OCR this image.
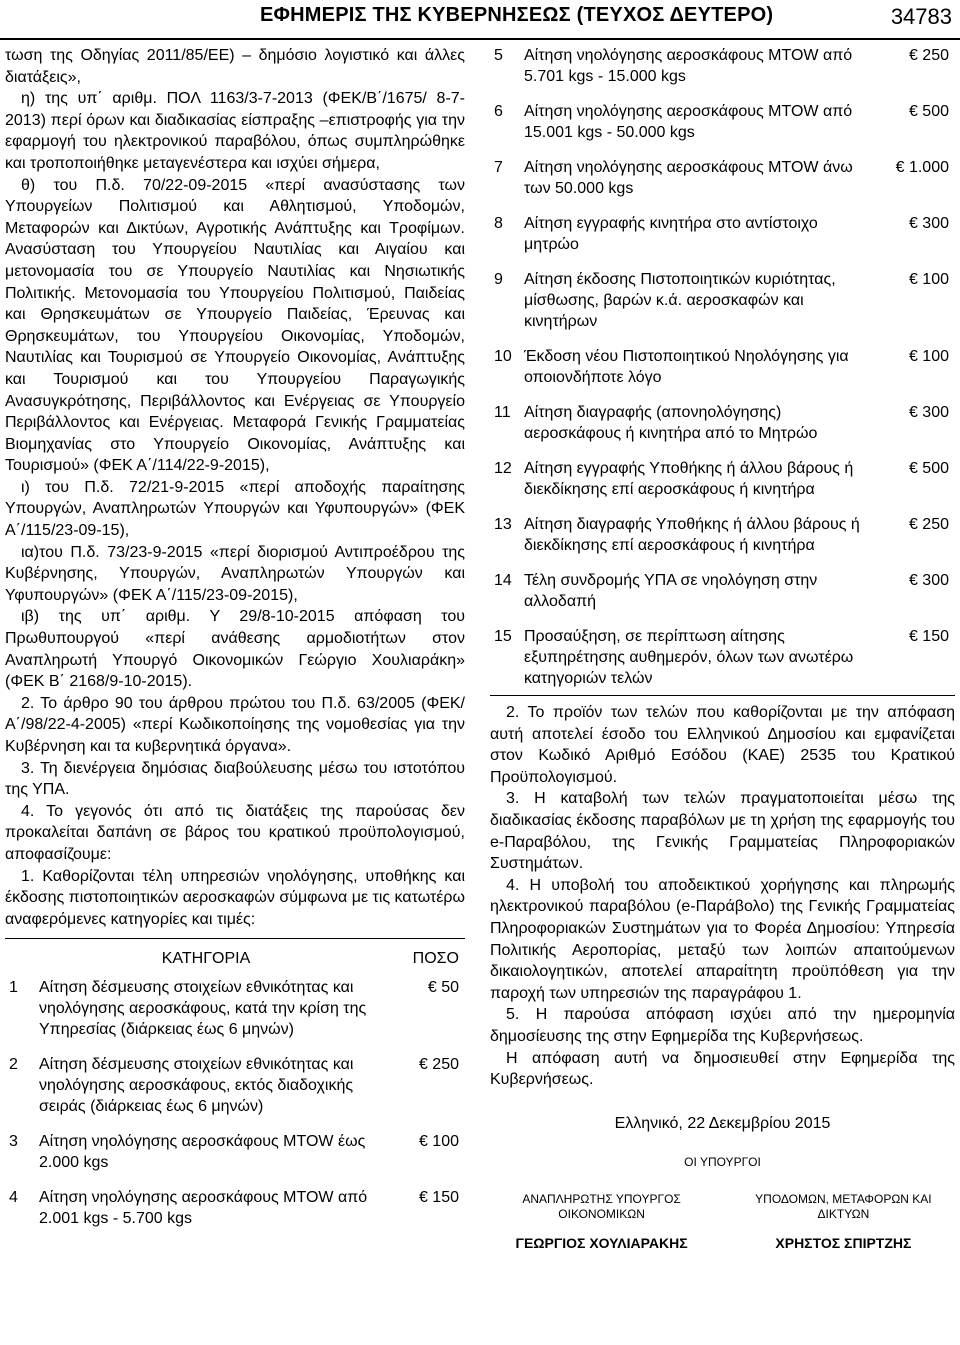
ΕΦΗΜΕΡΙΣ ΤΗΣ ΚΥΒΕΡΝΗΣΕΩΣ (ΤΕΥΧΟΣ ΔΕΥΤΕΡΟ)	34783

τωση της Οδηγίας 2011/85/ΕΕ) – δημόσιο λογιστικό και άλλες διατάξεις»,

η) της υπ΄ αριθμ. ΠΟΛ 1163/3-7-2013 (ΦΕΚ/Β΄/1675/ 8-7-2013) περί όρων και διαδικασίας είσπραξης –επιστροφής για την εφαρμογή του ηλεκτρονικού παραβόλου, όπως συμπληρώθηκε και τροποποιήθηκε μεταγενέστερα και ισχύει σήμερα,

θ) του Π.δ. 70/22-09-2015 «περί ανασύστασης των Υπουργείων Πολιτισμού και Αθλητισμού, Υποδομών, Μεταφορών και Δικτύων, Αγροτικής Ανάπτυξης και Τροφίμων. Ανασύσταση του Υπουργείου Ναυτιλίας και Αιγαίου και μετονομασία του σε Υπουργείο Ναυτιλίας και Νησιωτικής Πολιτικής. Μετονομασία του Υπουργείου Πολιτισμού, Παιδείας και Θρησκευμάτων σε Υπουργείο Παιδείας, Έρευνας και Θρησκευμάτων, του Υπουργείου Οικονομίας, Υποδομών, Ναυτιλίας και Τουρισμού σε Υπουργείο Οικονομίας, Ανάπτυξης και Τουρισμού και του Υπουργείου Παραγωγικής Ανασυγκρότησης, Περιβάλλοντος και Ενέργειας σε Υπουργείο Περιβάλλοντος και Ενέργειας. Μεταφορά Γενικής Γραμματείας Βιομηχανίας στο Υπουργείο Οικονομίας, Ανάπτυξης και Τουρισμού» (ΦΕΚ Α΄/114/22-9-2015),

ι) του Π.δ. 72/21-9-2015 «περί αποδοχής παραίτησης Υπουργών, Αναπληρωτών Υπουργών και Υφυπουργών» (ΦΕΚ Α΄/115/23-09-15),

ια)του Π.δ. 73/23-9-2015 «περί διορισμού Αντιπροέδρου της Κυβέρνησης, Υπουργών, Αναπληρωτών Υπουργών και Υφυπουργών» (ΦΕΚ Α΄/115/23-09-2015),

ιβ) της υπ΄ αριθμ. Υ 29/8-10-2015 απόφαση του Πρωθυπουργού «περί ανάθεσης αρμοδιοτήτων στον Αναπληρωτή Υπουργό Οικονομικών Γεώργιο Χουλιαράκη» (ΦΕΚ Β΄ 2168/9-10-2015).

2. Το άρθρο 90 του άρθρου πρώτου του Π.δ. 63/2005 (ΦΕΚ/Α΄/98/22-4-2005) «περί Κωδικοποίησης της νομοθεσίας για την Κυβέρνηση και τα κυβερνητικά όργανα».

3. Τη διενέργεια δημόσιας διαβούλευσης μέσω του ιστοτόπου της ΥΠΑ.

4. Το γεγονός ότι από τις διατάξεις της παρούσας δεν προκαλείται δαπάνη σε βάρος του κρατικού προϋπολογισμού, αποφασίζουμε:

1. Καθορίζονται τέλη υπηρεσιών νηολόγησης, υποθήκης και έκδοσης πιστοποιητικών αεροσκαφών σύμφωνα με τις κατωτέρω αναφερόμενες κατηγορίες και τιμές:

	ΚΑΤΗΓΟΡΙΑ	ΠΟΣΟ
1	Αίτηση δέσμευσης στοιχείων εθνικότητας και νηολόγησης αεροσκάφους, κατά την κρίση της Υπηρεσίας (διάρκειας έως 6 μηνών)	€ 50

2	Αίτηση δέσμευσης στοιχείων εθνικότητας και νηολόγησης αεροσκάφους, εκτός διαδοχικής σειράς (διάρκειας έως 6 μηνών)	€ 250

3	Αίτηση νηολόγησης αεροσκάφους MTOW έως 2.000 kgs	€ 100

4	Αίτηση νηολόγησης αεροσκάφους MTOW από 2.001 kgs - 5.700 kgs	€ 150
5	Αίτηση νηολόγησης αεροσκάφους MTOW από 5.701 kgs - 15.000 kgs	€ 250

6	Αίτηση νηολόγησης αεροσκάφους MTOW από 15.001 kgs - 50.000 kgs	€ 500

7	Αίτηση νηολόγησης αεροσκάφους MTOW άνω των 50.000 kgs	€ 1.000

8	Αίτηση εγγραφής κινητήρα στο αντίστοιχο μητρώο	€ 300

9	Αίτηση έκδοσης Πιστοποιητικών κυριότητας, μίσθωσης, βαρών κ.ά. αεροσκαφών και κινητήρων	€ 100

10	Έκδοση νέου Πιστοποιητικού Νηολόγησης για οποιονδήποτε λόγο	€ 100

11	Αίτηση διαγραφής (απονηολόγησης) αεροσκάφους ή κινητήρα από το Μητρώο	€ 300

12	Αίτηση εγγραφής Υποθήκης ή άλλου βάρους ή διεκδίκησης επί αεροσκάφους ή κινητήρα	€ 500

13	Αίτηση διαγραφής Υποθήκης ή άλλου βάρους ή διεκδίκησης επί αεροσκάφους ή κινητήρα	€ 250

14	Τέλη συνδρομής ΥΠΑ σε νηολόγηση στην αλλοδαπή	€ 300

15	Προσαύξηση, σε περίπτωση αίτησης εξυπηρέτησης αυθημερόν, όλων των ανωτέρω κατηγοριών τελών	€ 150

2. Το προϊόν των τελών που καθορίζονται με την απόφαση αυτή αποτελεί έσοδο του Ελληνικού Δημοσίου και εμφανίζεται στον Κωδικό Αριθμό Εσόδου (ΚΑΕ) 2535 του Κρατικού Προϋπολογισμού.

3. Η καταβολή των τελών πραγματοποιείται μέσω της διαδικασίας έκδοσης παραβόλων με τη χρήση της εφαρμογής του e-Παραβόλου, της Γενικής Γραμματείας Πληροφοριακών Συστημάτων.

4. Η υποβολή του αποδεικτικού χορήγησης και πληρωμής ηλεκτρονικού παραβόλου (e-Παράβολο) της Γενικής Γραμματείας Πληροφοριακών Συστημάτων για το Φορέα Δημοσίου: Υπηρεσία Πολιτικής Αεροπορίας, μεταξύ των λοιπών απαιτούμενων δικαιολογητικών, αποτελεί απαραίτητη προϋπόθεση για την παροχή των υπηρεσιών της παραγράφου 1.

5. Η παρούσα απόφαση ισχύει από την ημερομηνία δημοσίευσης της στην Εφημερίδα της Κυβερνήσεως.

Η απόφαση αυτή να δημοσιευθεί στην Εφημερίδα της Κυβερνήσεως.

Ελληνικό, 22 Δεκεμβρίου 2015
ΟΙ ΥΠΟΥΡΓΟΙ
ΑΝΑΠΛΗΡΩΤΗΣ ΥΠΟΥΡΓΟΣ ΟΙΚΟΝΟΜΙΚΩΝ
ΓΕΩΡΓΙΟΣ ΧΟΥΛΙΑΡΑΚΗΣ
ΥΠΟΔΟΜΩΝ, ΜΕΤΑΦΟΡΩΝ ΚΑΙ ΔΙΚΤΥΩΝ
ΧΡΗΣΤΟΣ ΣΠΙΡΤΖΗΣ
